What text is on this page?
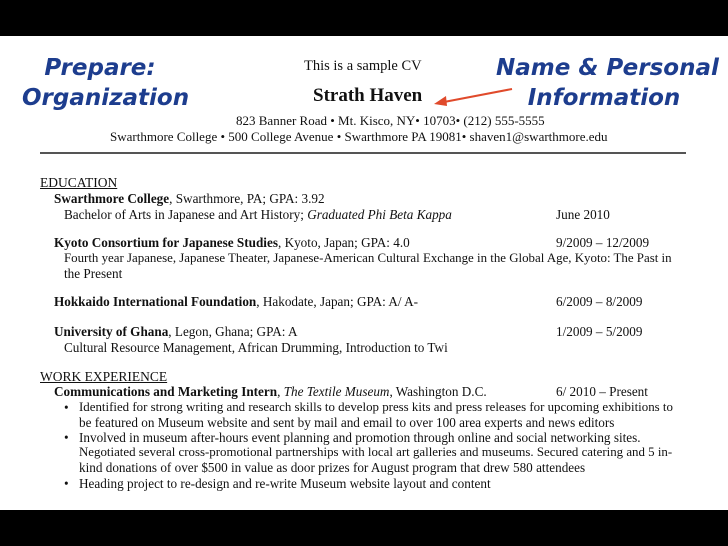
This is a sample CV
Strath Haven
823 Banner Road • Mt. Kisco, NY• 10703• (212) 555-5555
Swarthmore College • 500 College Avenue • Swarthmore PA 19081• shaven1@swarthmore.edu
EDUCATION
Swarthmore College, Swarthmore, PA; GPA: 3.92
Bachelor of Arts in Japanese and Art History; Graduated Phi Beta Kappa	June 2010
Kyoto Consortium for Japanese Studies, Kyoto, Japan; GPA: 4.0	9/2009 – 12/2009
Fourth year Japanese, Japanese Theater, Japanese-American Cultural Exchange in the Global Age, Kyoto: The Past in
the Present
Hokkaido International Foundation, Hakodate, Japan; GPA: A/ A-	6/2009 – 8/2009
University of Ghana, Legon, Ghana; GPA: A	1/2009 – 5/2009
Cultural Resource Management, African Drumming, Introduction to Twi
WORK EXPERIENCE
Communications and Marketing Intern, The Textile Museum, Washington D.C.	6/ 2010 – Present
• Identified for strong writing and research skills to develop press kits and press releases for upcoming exhibitions to
be featured on Museum website and sent by mail and email to over 100 area experts and news editors
• Involved in museum after-hours event planning and promotion through online and social networking sites.
Negotiated several cross-promotional partnerships with local art galleries and museums. Secured catering and 5 in-
kind donations of over $500 in value as door prizes for August program that drew 580 attendees
• Heading project to re-design and re-write Museum website layout and content
Prepare:
Organization
Name & Personal
Information
